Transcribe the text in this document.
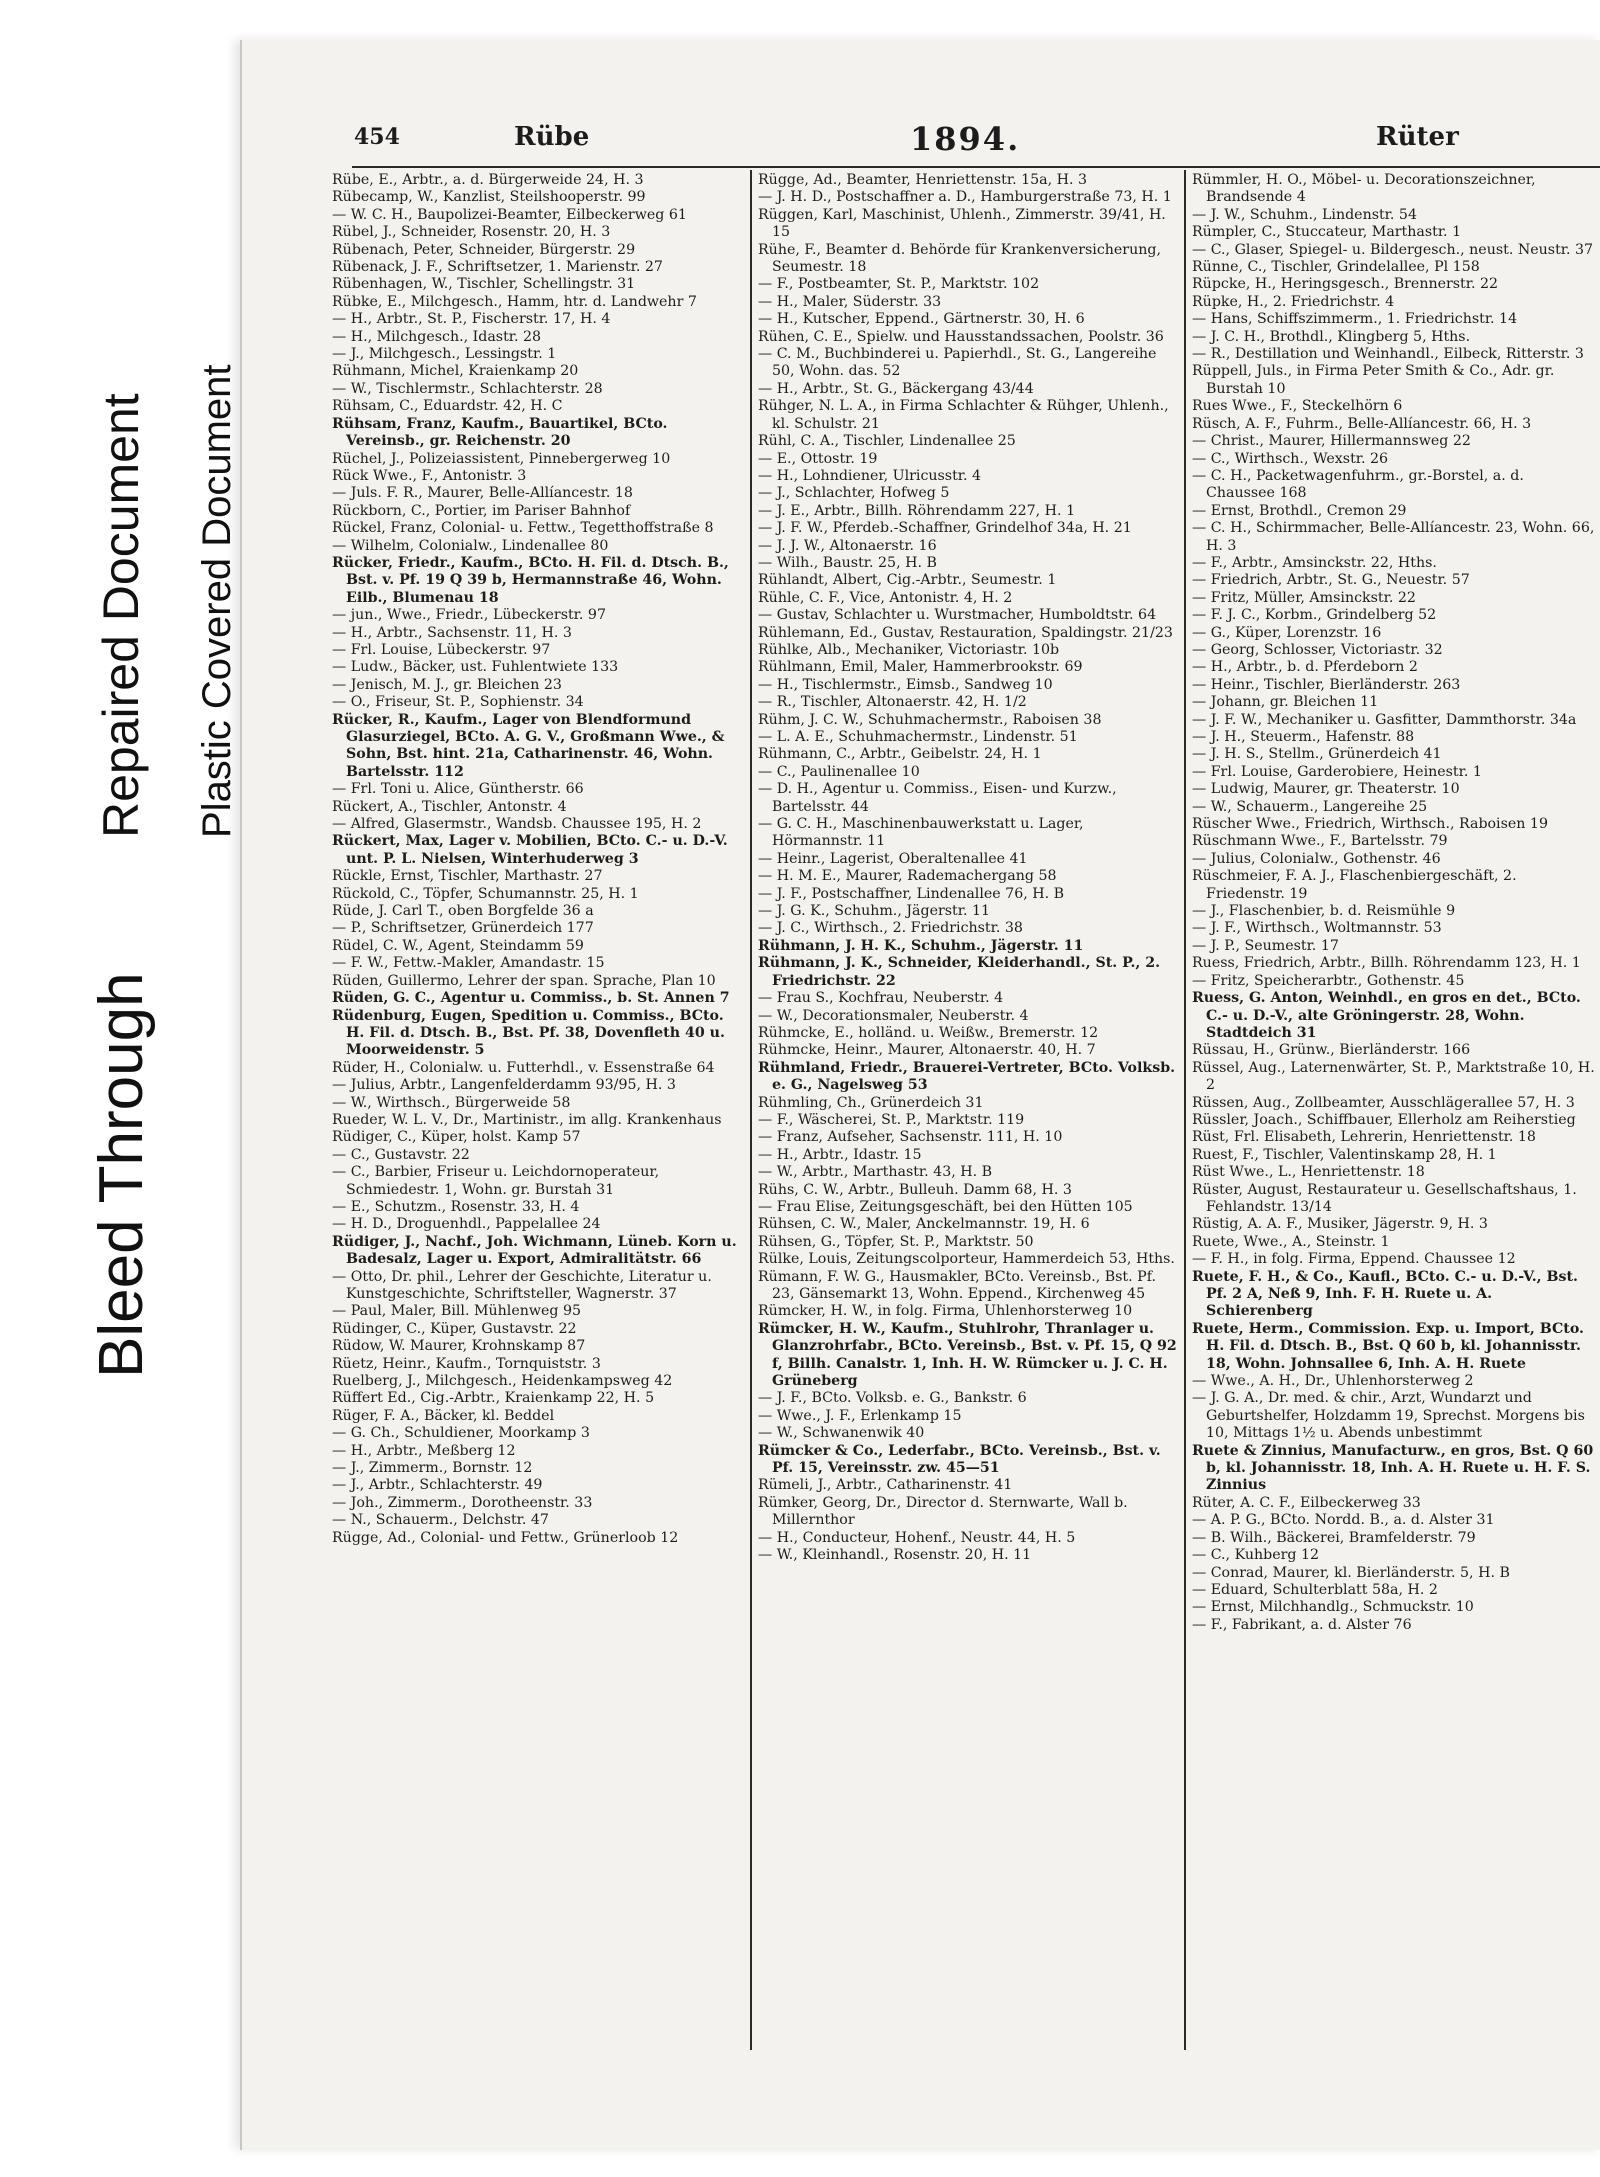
Bleed Through
Repaired Document Plastic Covered Document
454	Rübe	1894.	Rüter

Rübe, E., Arbtr., a. d. Bürgerweide 24, H. 3

Rübecamp, W., Kanzlist, Steilshooperstr. 99

— W. C. H., Baupolizei-Beamter, Eilbeckerweg 61

Rübel, J., Schneider, Rosenstr. 20, H. 3

Rübenach, Peter, Schneider, Bürgerstr. 29

Rübenack, J. F., Schriftsetzer, 1. Marienstr. 27

Rübenhagen, W., Tischler, Schellingstr. 31

Rübke, E., Milchgesch., Hamm, htr. d. Landwehr 7

— H., Arbtr., St. P., Fischerstr. 17, H. 4

— H., Milchgesch., Idastr. 28

— J., Milchgesch., Lessingstr. 1

Rühmann, Michel, Kraienkamp 20

— W., Tischlermstr., Schlachterstr. 28

Rühsam, C., Eduardstr. 42, H. C

Rühsam, Franz, Kaufm., Bauartikel, BCto. Vereinsb., gr. Reichenstr. 20

Rüchel, J., Polizeiassistent, Pinnebergerweg 10

Rück Wwe., F., Antonistr. 3

— Juls. F. R., Maurer, Belle-Allíancestr. 18

Rückborn, C., Portier, im Pariser Bahnhof

Rückel, Franz, Colonial- u. Fettw., Tegetthoffstraße 8

— Wilhelm, Colonialw., Lindenallee 80

Rücker, Friedr., Kaufm., BCto. H. Fil. d. Dtsch. B., Bst. v. Pf. 19 Q 39 b, Hermannstraße 46, Wohn. Eilb., Blumenau 18

— jun., Wwe., Friedr., Lübeckerstr. 97

— H., Arbtr., Sachsenstr. 11, H. 3

— Frl. Louise, Lübeckerstr. 97

— Ludw., Bäcker, ust. Fuhlentwiete 133

— Jenisch, M. J., gr. Bleichen 23

— O., Friseur, St. P., Sophienstr. 34

Rücker, R., Kaufm., Lager von Blendformund Glasurziegel, BCto. A. G. V., Großmann Wwe., & Sohn, Bst. hint. 21a, Catharinenstr. 46, Wohn. Bartelsstr. 112

— Frl. Toni u. Alice, Güntherstr. 66

Rückert, A., Tischler, Antonstr. 4

— Alfred, Glasermstr., Wandsb. Chaussee 195, H. 2

Rückert, Max, Lager v. Mobilien, BCto. C.- u. D.-V. unt. P. L. Nielsen, Winterhuderweg 3

Rückle, Ernst, Tischler, Marthastr. 27

Rückold, C., Töpfer, Schumannstr. 25, H. 1

Rüde, J. Carl T., oben Borgfelde 36 a

— P., Schriftsetzer, Grünerdeich 177

Rüdel, C. W., Agent, Steindamm 59

— F. W., Fettw.-Makler, Amandastr. 15

Rüden, Guillermo, Lehrer der span. Sprache, Plan 10

Rüden, G. C., Agentur u. Commiss., b. St. Annen 7

Rüdenburg, Eugen, Spedition u. Commiss., BCto. H. Fil. d. Dtsch. B., Bst. Pf. 38, Dovenfleth 40 u. Moorweidenstr. 5

Rüder, H., Colonialw. u. Futterhdl., v. Essenstraße 64

— Julius, Arbtr., Langenfelderdamm 93/95, H. 3

— W., Wirthsch., Bürgerweide 58

Rueder, W. L. V., Dr., Martinistr., im allg. Krankenhaus

Rüdiger, C., Küper, holst. Kamp 57

— C., Gustavstr. 22

— C., Barbier, Friseur u. Leichdornoperateur, Schmiedestr. 1, Wohn. gr. Burstah 31

— E., Schutzm., Rosenstr. 33, H. 4

— H. D., Droguenhdl., Pappelallee 24

Rüdiger, J., Nachf., Joh. Wichmann, Lüneb. Korn u. Badesalz, Lager u. Export, Admiralitätstr. 66

— Otto, Dr. phil., Lehrer der Geschichte, Literatur u. Kunstgeschichte, Schriftsteller, Wagnerstr. 37

— Paul, Maler, Bill. Mühlenweg 95

Rüdinger, C., Küper, Gustavstr. 22

Rüdow, W. Maurer, Krohnskamp 87

Rüetz, Heinr., Kaufm., Tornquiststr. 3

Ruelberg, J., Milchgesch., Heidenkampsweg 42

Rüffert Ed., Cig.-Arbtr., Kraienkamp 22, H. 5

Rüger, F. A., Bäcker, kl. Beddel

— G. Ch., Schuldiener, Moorkamp 3

— H., Arbtr., Meßberg 12

— J., Zimmerm., Bornstr. 12

— J., Arbtr., Schlachterstr. 49

— Joh., Zimmerm., Dorotheenstr. 33

— N., Schauerm., Delchstr. 47

Rügge, Ad., Colonial- und Fettw., Grünerloob 12

Rügge, Ad., Beamter, Henriettenstr. 15a, H. 3

— J. H. D., Postschaffner a. D., Hamburgerstraße 73, H. 1

Rüggen, Karl, Maschinist, Uhlenh., Zimmerstr. 39/41, H. 15

Rühe, F., Beamter d. Behörde für Krankenversicherung, Seumestr. 18

— F., Postbeamter, St. P., Marktstr. 102

— H., Maler, Süderstr. 33

— H., Kutscher, Eppend., Gärtnerstr. 30, H. 6

Rühen, C. E., Spielw. und Hausstandssachen, Poolstr. 36

— C. M., Buchbinderei u. Papierhdl., St. G., Langereihe 50, Wohn. das. 52

— H., Arbtr., St. G., Bäckergang 43/44

Rühger, N. L. A., in Firma Schlachter & Rühger, Uhlenh., kl. Schulstr. 21

Rühl, C. A., Tischler, Lindenallee 25

— E., Ottostr. 19

— H., Lohndiener, Ulricusstr. 4

— J., Schlachter, Hofweg 5

— J. E., Arbtr., Billh. Röhrendamm 227, H. 1

— J. F. W., Pferdeb.-Schaffner, Grindelhof 34a, H. 21

— J. J. W., Altonaerstr. 16

— Wilh., Baustr. 25, H. B

Rühlandt, Albert, Cig.-Arbtr., Seumestr. 1

Rühle, C. F., Vice, Antonistr. 4, H. 2

— Gustav, Schlachter u. Wurstmacher, Humboldtstr. 64

Rühlemann, Ed., Gustav, Restauration, Spaldingstr. 21/23

Rühlke, Alb., Mechaniker, Victoriastr. 10b

Rühlmann, Emil, Maler, Hammerbrookstr. 69

— H., Tischlermstr., Eimsb., Sandweg 10

— R., Tischler, Altonaerstr. 42, H. 1/2

Rühm, J. C. W., Schuhmachermstr., Raboisen 38

— L. A. E., Schuhmachermstr., Lindenstr. 51

Rühmann, C., Arbtr., Geibelstr. 24, H. 1

— C., Paulinenallee 10

— D. H., Agentur u. Commiss., Eisen- und Kurzw., Bartelsstr. 44

— G. C. H., Maschinenbauwerkstatt u. Lager, Hörmannstr. 11

— Heinr., Lagerist, Oberaltenallee 41

— H. M. E., Maurer, Rademachergang 58

— J. F., Postschaffner, Lindenallee 76, H. B

— J. G. K., Schuhm., Jägerstr. 11

— J. C., Wirthsch., 2. Friedrichstr. 38

Rühmann, J. H. K., Schuhm., Jägerstr. 11

Rühmann, J. K., Schneider, Kleiderhandl., St. P., 2. Friedrichstr. 22

— Frau S., Kochfrau, Neuberstr. 4

— W., Decorationsmaler, Neuberstr. 4

Rühmcke, E., holländ. u. Weißw., Bremerstr. 12

Rühmcke, Heinr., Maurer, Altonaerstr. 40, H. 7

Rühmland, Friedr., Brauerei-Vertreter, BCto. Volksb. e. G., Nagelsweg 53

Rühmling, Ch., Grünerdeich 31

— F., Wäscherei, St. P., Marktstr. 119

— Franz, Aufseher, Sachsenstr. 111, H. 10

— H., Arbtr., Idastr. 15

— W., Arbtr., Marthastr. 43, H. B

Rühs, C. W., Arbtr., Bulleuh. Damm 68, H. 3

— Frau Elise, Zeitungsgeschäft, bei den Hütten 105

Rühsen, C. W., Maler, Anckelmannstr. 19, H. 6

Rühsen, G., Töpfer, St. P., Marktstr. 50

Rülke, Louis, Zeitungscolporteur, Hammerdeich 53, Hths.

Rümann, F. W. G., Hausmakler, BCto. Vereinsb., Bst. Pf. 23, Gänsemarkt 13, Wohn. Eppend., Kirchenweg 45

Rümcker, H. W., in folg. Firma, Uhlenhorsterweg 10

Rümcker, H. W., Kaufm., Stuhlrohr, Thranlager u. Glanzrohrfabr., BCto. Vereinsb., Bst. v. Pf. 15, Q 92 f, Billh. Canalstr. 1, Inh. H. W. Rümcker u. J. C. H. Grüneberg

— J. F., BCto. Volksb. e. G., Bankstr. 6

— Wwe., J. F., Erlenkamp 15

— W., Schwanenwik 40

Rümcker & Co., Lederfabr., BCto. Vereinsb., Bst. v. Pf. 15, Vereinsstr. zw. 45—51

Rümeli, J., Arbtr., Catharinenstr. 41

Rümker, Georg, Dr., Director d. Sternwarte, Wall b. Millernthor

— H., Conducteur, Hohenf., Neustr. 44, H. 5

— W., Kleinhandl., Rosenstr. 20, H. 11

Rümmler, H. O., Möbel- u. Decorationszeichner, Brandsende 4

— J. W., Schuhm., Lindenstr. 54

Rümpler, C., Stuccateur, Marthastr. 1

— C., Glaser, Spiegel- u. Bildergesch., neust. Neustr. 37

Rünne, C., Tischler, Grindelallee, Pl 158

Rüpcke, H., Heringsgesch., Brennerstr. 22

Rüpke, H., 2. Friedrichstr. 4

— Hans, Schiffszimmerm., 1. Friedrichstr. 14

— J. C. H., Brothdl., Klingberg 5, Hths.

— R., Destillation und Weinhandl., Eilbeck, Ritterstr. 3

Rüppell, Juls., in Firma Peter Smith & Co., Adr. gr. Burstah 10

Rues Wwe., F., Steckelhörn 6

Rüsch, A. F., Fuhrm., Belle-Allíancestr. 66, H. 3

— Christ., Maurer, Hillermannsweg 22

— C., Wirthsch., Wexstr. 26

— C. H., Packetwagenfuhrm., gr.-Borstel, a. d. Chaussee 168

— Ernst, Brothdl., Cremon 29

— C. H., Schirmmacher, Belle-Allíancestr. 23, Wohn. 66, H. 3

— F., Arbtr., Amsinckstr. 22, Hths.

— Friedrich, Arbtr., St. G., Neuestr. 57

— Fritz, Müller, Amsinckstr. 22

— F. J. C., Korbm., Grindelberg 52

— G., Küper, Lorenzstr. 16

— Georg, Schlosser, Victoriastr. 32

— H., Arbtr., b. d. Pferdeborn 2

— Heinr., Tischler, Bierländerstr. 263

— Johann, gr. Bleichen 11

— J. F. W., Mechaniker u. Gasfitter, Dammthorstr. 34a

— J. H., Steuerm., Hafenstr. 88

— J. H. S., Stellm., Grünerdeich 41

— Frl. Louise, Garderobiere, Heinestr. 1

— Ludwig, Maurer, gr. Theaterstr. 10

— W., Schauerm., Langereihe 25

Rüscher Wwe., Friedrich, Wirthsch., Raboisen 19

Rüschmann Wwe., F., Bartelsstr. 79

— Julius, Colonialw., Gothenstr. 46

Rüschmeier, F. A. J., Flaschenbiergeschäft, 2. Friedenstr. 19

— J., Flaschenbier, b. d. Reismühle 9

— J. F., Wirthsch., Woltmannstr. 53

— J. P., Seumestr. 17

Ruess, Friedrich, Arbtr., Billh. Röhrendamm 123, H. 1

— Fritz, Speicherarbtr., Gothenstr. 45

Ruess, G. Anton, Weinhdl., en gros en det., BCto. C.- u. D.-V., alte Gröningerstr. 28, Wohn. Stadtdeich 31

Rüssau, H., Grünw., Bierländerstr. 166

Rüssel, Aug., Laternenwärter, St. P., Marktstraße 10, H. 2

Rüssen, Aug., Zollbeamter, Ausschlägerallee 57, H. 3

Rüssler, Joach., Schiffbauer, Ellerholz am Reiherstieg

Rüst, Frl. Elisabeth, Lehrerin, Henriettenstr. 18

Ruest, F., Tischler, Valentinskamp 28, H. 1

Rüst Wwe., L., Henriettenstr. 18

Rüster, August, Restaurateur u. Gesellschaftshaus, 1. Fehlandstr. 13/14

Rüstig, A. A. F., Musiker, Jägerstr. 9, H. 3

Ruete, Wwe., A., Steinstr. 1

— F. H., in folg. Firma, Eppend. Chaussee 12

Ruete, F. H., & Co., Kaufl., BCto. C.- u. D.-V., Bst. Pf. 2 A, Neß 9, Inh. F. H. Ruete u. A. Schierenberg

Ruete, Herm., Commission. Exp. u. Import, BCto. H. Fil. d. Dtsch. B., Bst. Q 60 b, kl. Johannisstr. 18, Wohn. Johnsallee 6, Inh. A. H. Ruete

— Wwe., A. H., Dr., Uhlenhorsterweg 2

— J. G. A., Dr. med. & chir., Arzt, Wundarzt und Geburtshelfer, Holzdamm 19, Sprechst. Morgens bis 10, Mittags 1½ u. Abends unbestimmt

Ruete & Zinnius, Manufacturw., en gros, Bst. Q 60 b, kl. Johannisstr. 18, Inh. A. H. Ruete u. H. F. S. Zinnius

Rüter, A. C. F., Eilbeckerweg 33

— A. P. G., BCto. Nordd. B., a. d. Alster 31

— B. Wilh., Bäckerei, Bramfelderstr. 79

— C., Kuhberg 12

— Conrad, Maurer, kl. Bierländerstr. 5, H. B

— Eduard, Schulterblatt 58a, H. 2

— Ernst, Milchhandlg., Schmuckstr. 10

— F., Fabrikant, a. d. Alster 76
